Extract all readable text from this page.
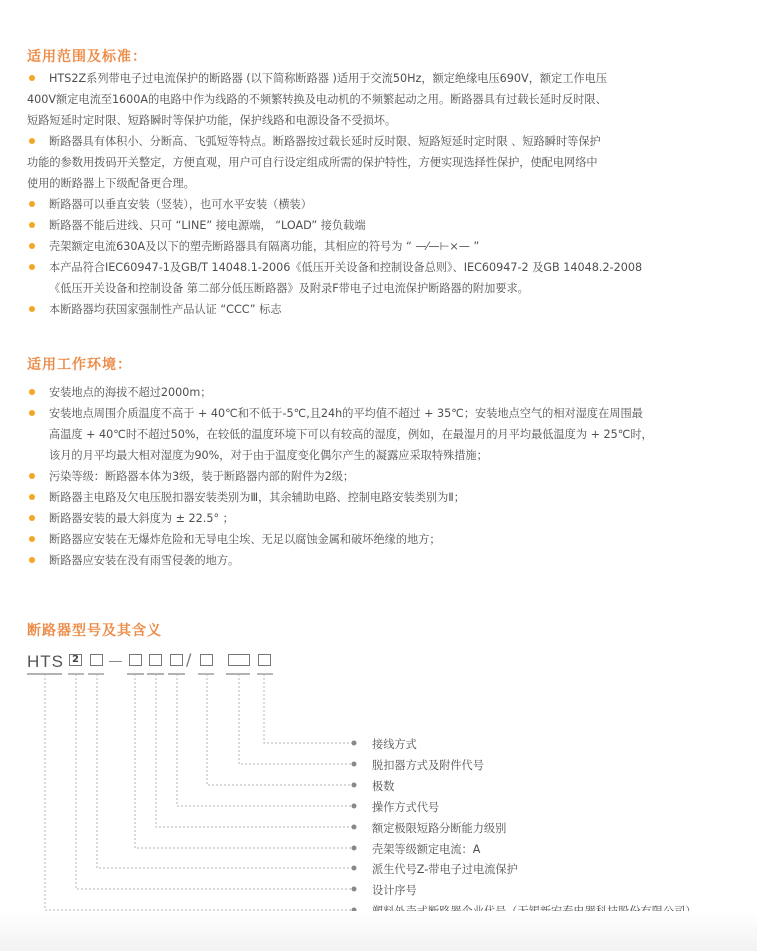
适用范围及标准：
HTS2Z系列带电子过电流保护的断路器 (以下简称断路器 )适用于交流50Hz，额定绝缘电压690V，额定工作电压
400V额定电流至1600A的电路中作为线路的不频繁转换及电动机的不频繁起动之用。断路器具有过载长延时反时限、
短路短延时定时限、短路瞬时等保护功能，保护线路和电源设备不受损坏。
断路器具有体积小、分断高、飞弧短等特点。断路器按过载长延时反时限、短路短延时定时限 、短路瞬时等保护
功能的参数用拨码开关整定，方便直观，用户可自行设定组成所需的保护特性，方便实现选择性保护，使配电网络中
使用的断路器上下级配备更合理。
断路器可以垂直安装（竖装），也可水平安装（横装）
断路器不能后进线、只可 “LINE” 接电源端， “LOAD” 接负载端
壳架额定电流630A及以下的塑壳断路器具有隔离功能，其相应的符号为 “ —⁄—⊢×— ”
本产品符合IEC60947-1及GB/T 14048.1-2006《低压开关设备和控制设备总则》、IEC60947-2 及GB 14048.2-2008
《低压开关设备和控制设备 第二部分低压断路器》及附录F带电子过电流保护断路器的附加要求。
本断路器均获国家强制性产品认证 “CCC” 标志
适用工作环境：
安装地点的海拔不超过2000m；
安装地点周围介质温度不高于 + 40℃和不低于-5℃,且24h的平均值不超过 + 35℃；安装地点空气的相对湿度在周围最
高温度 + 40℃时不超过50%，在较低的温度环境下可以有较高的湿度，例如，在最湿月的月平均最低温度为 + 25℃时，
该月的月平均最大相对湿度为90%，对于由于温度变化偶尔产生的凝露应采取特殊措施；
污染等级：断路器本体为3级，装于断路器内部的附件为2级；
断路器主电路及欠电压脱扣器安装类别为Ⅲ，其余辅助电路、控制电路安装类别为Ⅱ；
断路器安装的最大斜度为 ± 22.5° ；
断路器应安装在无爆炸危险和无导电尘埃、无足以腐蚀金属和破坏绝缘的地方；
断路器应安装在没有雨雪侵袭的地方。
断路器型号及其含义
HTS 2	/
接线方式
脱扣器方式及附件代号
极数
操作方式代号
额定极限短路分断能力级别
壳架等级额定电流：A
派生代号Z-带电子过电流保护
设计序号
